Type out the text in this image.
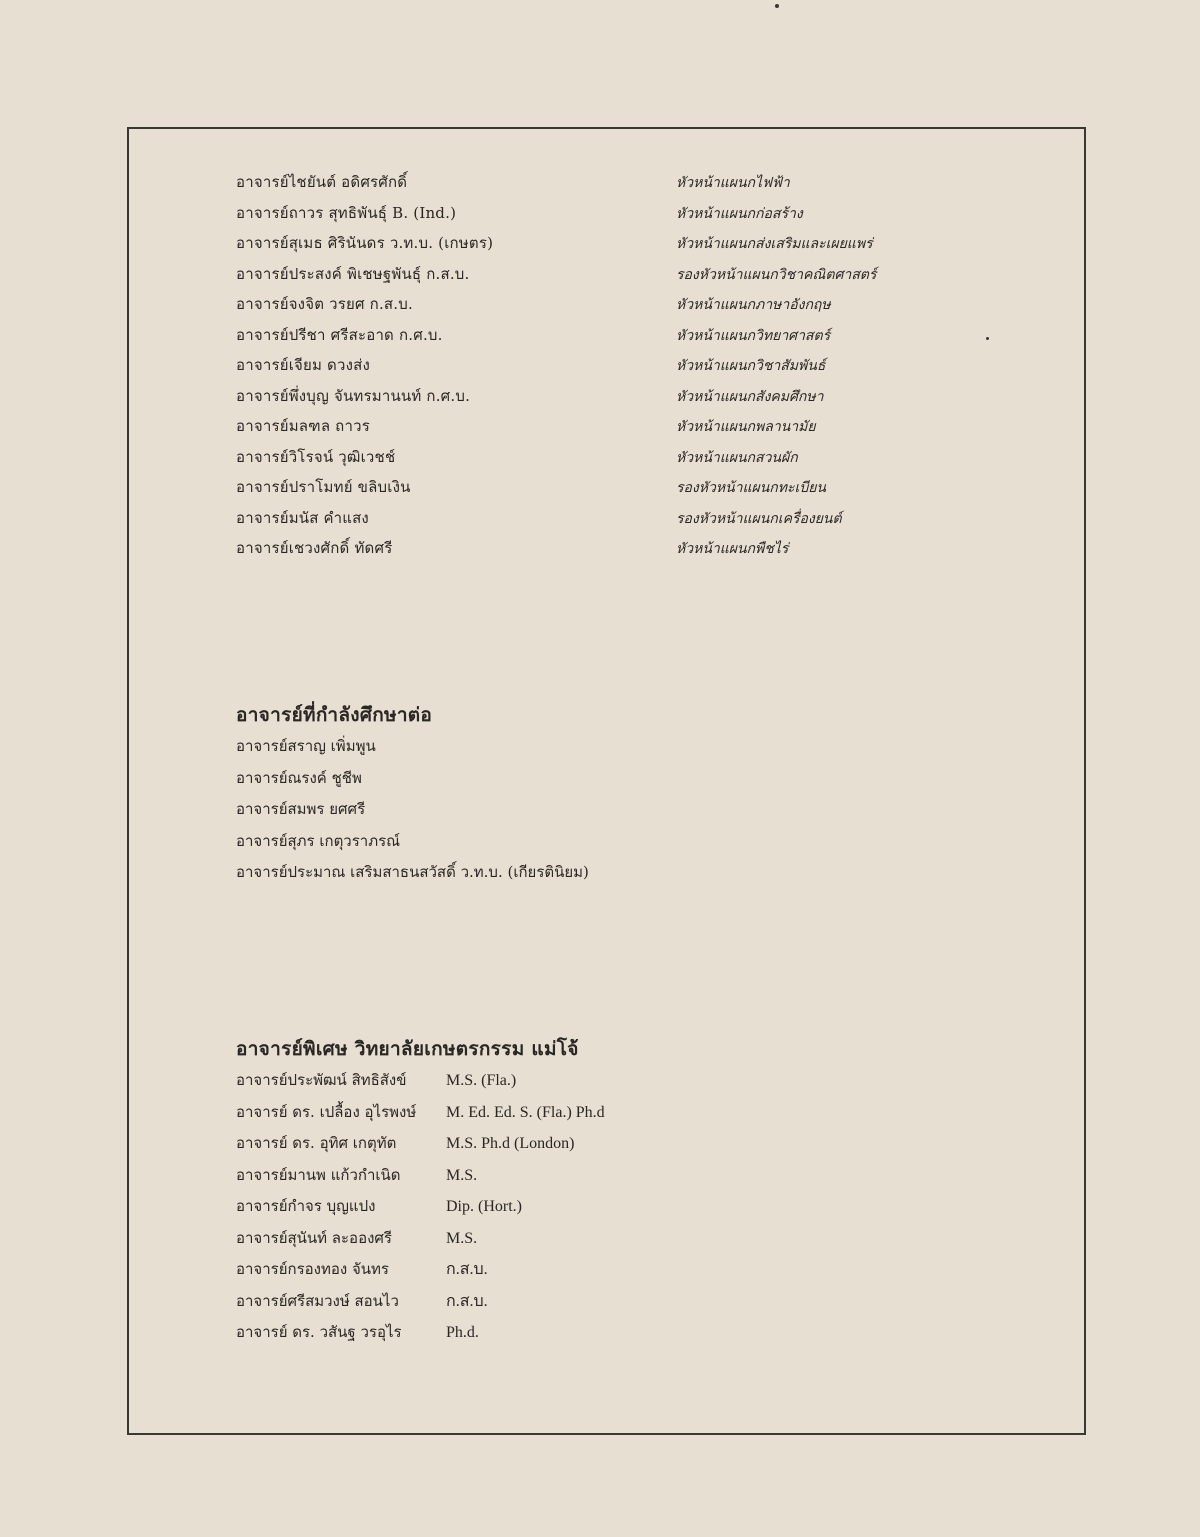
อาจารย์ไชยันต์ อดิศรศักดิ์	หัวหน้าแผนกไฟฟ้า
อาจารย์ถาวร สุทธิพันธุ์ B. (Ind.)	หัวหน้าแผนกก่อสร้าง
อาจารย์สุเมธ ศิรินันดร ว.ท.บ. (เกษตร)	หัวหน้าแผนกส่งเสริมและเผยแพร่
อาจารย์ประสงค์ พิเชษฐพันธุ์ ก.ส.บ.	รองหัวหน้าแผนกวิชาคณิตศาสตร์
อาจารย์จงจิต วรยศ ก.ส.บ.	หัวหน้าแผนกภาษาอังกฤษ
อาจารย์ปรีชา ศรีสะอาด ก.ศ.บ.	หัวหน้าแผนกวิทยาศาสตร์
อาจารย์เจียม ดวงส่ง	หัวหน้าแผนกวิชาสัมพันธ์
อาจารย์พึ่งบุญ จันทรมานนท์ ก.ศ.บ.	หัวหน้าแผนกสังคมศึกษา
อาจารย์มลฑล ถาวร	หัวหน้าแผนกพลานามัย
อาจารย์วิโรจน์ วุฒิเวชช์	หัวหน้าแผนกสวนผัก
อาจารย์ปราโมทย์ ขลิบเงิน	รองหัวหน้าแผนกทะเบียน
อาจารย์มนัส คำแสง	รองหัวหน้าแผนกเครื่องยนต์
อาจารย์เชวงศักดิ์ ทัดศรี	หัวหน้าแผนกพืชไร่
อาจารย์ที่กำลังศึกษาต่อ
อาจารย์สราญ เพิ่มพูน
อาจารย์ณรงค์ ชูชีพ
อาจารย์สมพร ยศศรี
อาจารย์สุภร เกตุวราภรณ์
อาจารย์ประมาณ เสริมสาธนสวัสดิ์ ว.ท.บ. (เกียรตินิยม)
อาจารย์พิเศษ วิทยาลัยเกษตรกรรม แม่โจ้
อาจารย์ประพัฒน์ สิทธิสังข์	M.S. (Fla.)
อาจารย์ ดร. เปลื้อง อุไรพงษ์	M. Ed. Ed. S. (Fla.) Ph.d
อาจารย์ ดร. อุทิศ เกตุทัต	M.S. Ph.d (London)
อาจารย์มานพ แก้วกำเนิด	M.S.
อาจารย์กำจร บุญแปง	Dip. (Hort.)
อาจารย์สุนันท์ ละอองศรี	M.S.
อาจารย์กรองทอง จันทร	ก.ส.บ.
อาจารย์ศรีสมวงษ์ สอนไว	ก.ส.บ.
อาจารย์ ดร. วสันฐ วรอุไร	Ph.d.
